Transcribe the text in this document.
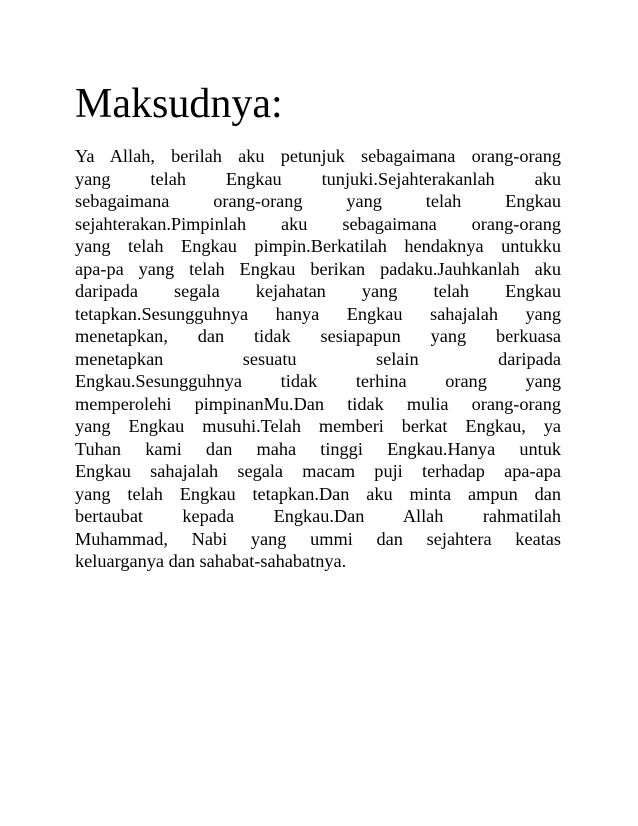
Maksudnya:
Ya Allah, berilah aku petunjuk sebagaimana orang-orang
yang telah Engkau tunjuki.Sejahterakanlah aku
sebagaimana orang-orang yang telah Engkau
sejahterakan.Pimpinlah aku sebagaimana orang-orang
yang telah Engkau pimpin.Berkatilah hendaknya untukku
apa-pa yang telah Engkau berikan padaku.Jauhkanlah aku
daripada segala kejahatan yang telah Engkau
tetapkan.Sesungguhnya hanya Engkau sahajalah yang
menetapkan, dan tidak sesiapapun yang berkuasa
menetapkan sesuatu selain daripada
Engkau.Sesungguhnya tidak terhina orang yang
memperolehi pimpinanMu.Dan tidak mulia orang-orang
yang Engkau musuhi.Telah memberi berkat Engkau, ya
Tuhan kami dan maha tinggi Engkau.Hanya untuk
Engkau sahajalah segala macam puji terhadap apa-apa
yang telah Engkau tetapkan.Dan aku minta ampun dan
bertaubat kepada Engkau.Dan Allah rahmatilah
Muhammad, Nabi yang ummi dan sejahtera keatas
keluarganya dan sahabat-sahabatnya.
